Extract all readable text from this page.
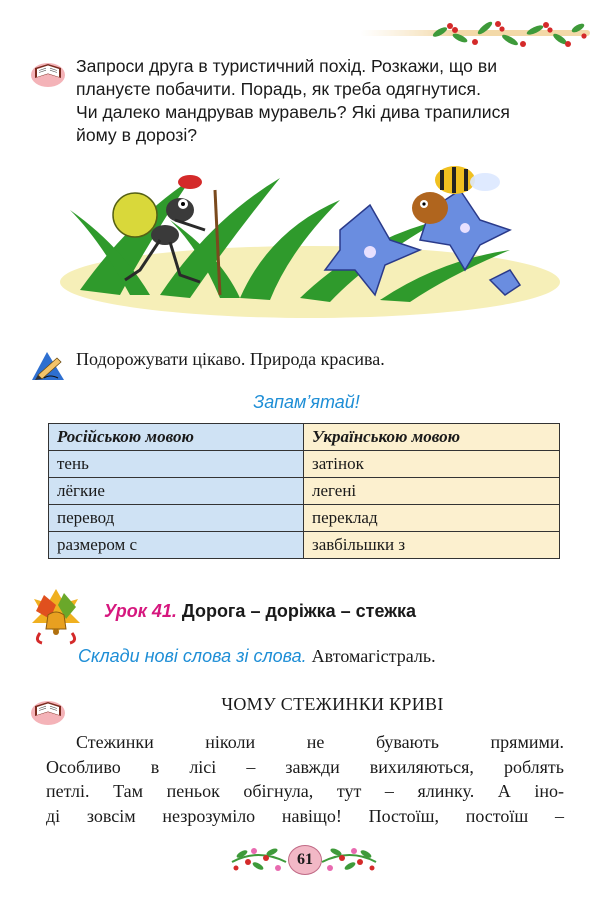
Запроси друга в туристичний похід. Розкажи, що ви
плануєте побачити. Порадь, як треба одягнутися.
Чи далеко мандрував муравель? Які дива трапилися
йому в дорозі?
Подорожувати цікаво. Природа красива.
Запам’ятай!
Російською мовою	Українською мовою
тень	затінок
лёгкие	легені
перевод	переклад
размером с	завбільшки з
Урок 41. Дорога – доріжка – стежка
Склади нові слова зі слова. Автомагістраль.
ЧОМУ СТЕЖИНКИ КРИВІ
Стежинки ніколи не бувають прямими.
Особливо в лісі – завжди вихиляються, роблять
петлі. Там пеньок обігнула, тут – ялинку. А іно-
ді зовсім незрозуміло навіщо! Постоїш, постоїш –
61
